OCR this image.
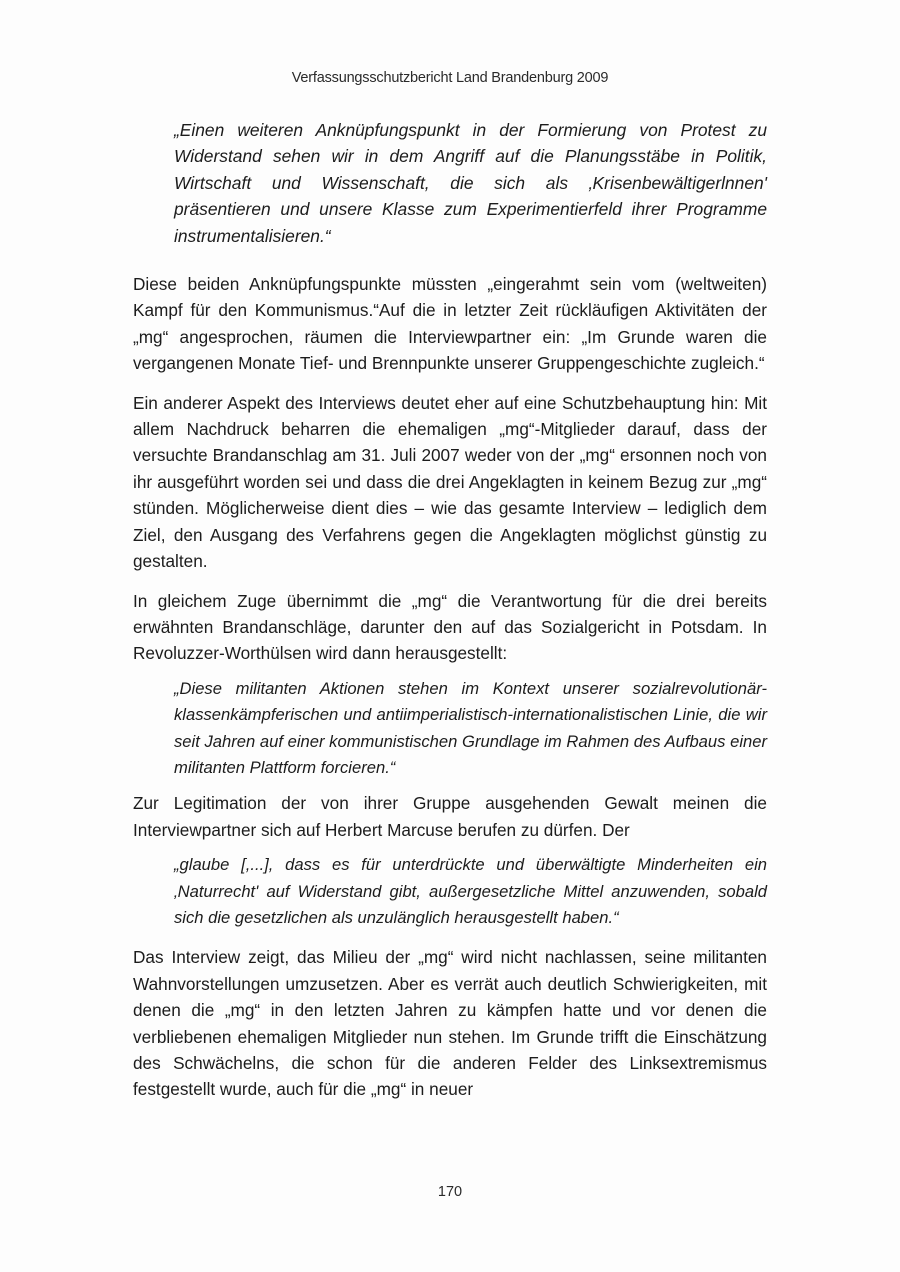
Verfassungsschutzbericht Land Brandenburg 2009

„Einen weiteren Anknüpfungspunkt in der Formierung von Protest zu Widerstand sehen wir in dem Angriff auf die Planungsstäbe in Politik, Wirtschaft und Wissenschaft, die sich als ‚Krisenbewältigerlnnen' präsentieren und unsere Klasse zum Experimentierfeld ihrer Programme instrumentalisieren.“

Diese beiden Anknüpfungspunkte müssten „eingerahmt sein vom (weltweiten) Kampf für den Kommunismus.“Auf die in letzter Zeit rückläufigen Aktivitäten der „mg“ angesprochen, räumen die Interviewpartner ein: „Im Grunde waren die vergangenen Monate Tief- und Brennpunkte unserer Gruppengeschichte zugleich.“

Ein anderer Aspekt des Interviews deutet eher auf eine Schutzbehauptung hin: Mit allem Nachdruck beharren die ehemaligen „mg“-Mitglieder darauf, dass der versuchte Brandanschlag am 31. Juli 2007 weder von der „mg“ ersonnen noch von ihr ausgeführt worden sei und dass die drei Angeklagten in keinem Bezug zur „mg“ stünden. Möglicherweise dient dies – wie das gesamte Interview – lediglich dem Ziel, den Ausgang des Verfahrens gegen die Angeklagten möglichst günstig zu gestalten.

In gleichem Zuge übernimmt die „mg“ die Verantwortung für die drei bereits erwähnten Brandanschläge, darunter den auf das Sozialgericht in Potsdam. In Revoluzzer-Worthülsen wird dann herausgestellt:

„Diese militanten Aktionen stehen im Kontext unserer sozialrevolutionär-klassenkämpferischen und antiimperialistisch-internationalistischen Linie, die wir seit Jahren auf einer kommunistischen Grundlage im Rahmen des Aufbaus einer militanten Plattform forcieren.“

Zur Legitimation der von ihrer Gruppe ausgehenden Gewalt meinen die Interviewpartner sich auf Herbert Marcuse berufen zu dürfen. Der

„glaube [,...], dass es für unterdrückte und überwältigte Minderheiten ein ‚Naturrecht' auf Widerstand gibt, außergesetzliche Mittel anzuwenden, sobald sich die gesetzlichen als unzulänglich herausgestellt haben.“

Das Interview zeigt, das Milieu der „mg“ wird nicht nachlassen, seine militanten Wahnvorstellungen umzusetzen. Aber es verrät auch deutlich Schwierigkeiten, mit denen die „mg“ in den letzten Jahren zu kämpfen hatte und vor denen die verbliebenen ehemaligen Mitglieder nun stehen. Im Grunde trifft die Einschätzung des Schwächelns, die schon für die anderen Felder des Linksextremismus festgestellt wurde, auch für die „mg“ in neuer

170
